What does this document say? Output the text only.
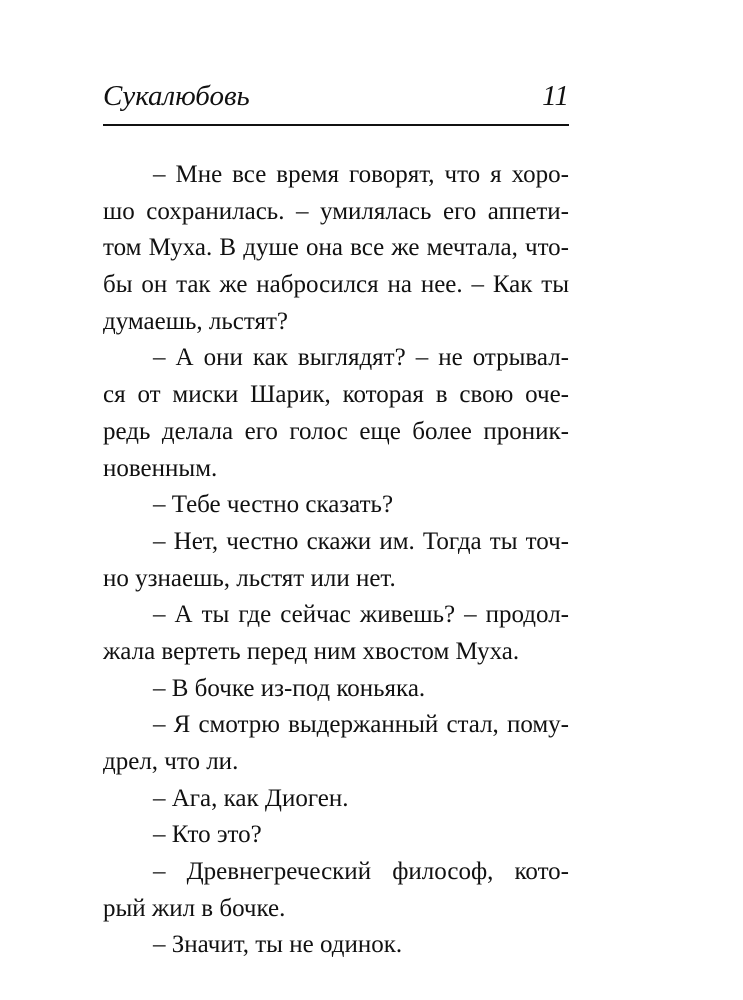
Сукалюбовь	11
– Мне все время говорят, что я хоро-
шо сохранилась. – умилялась его аппети-
том Муха. В душе она все же мечтала, что-
бы он так же набросился на нее. – Как ты
думаешь, льстят?
– А они как выглядят? – не отрывал-
ся от миски Шарик, которая в свою оче-
редь делала его голос еще более проник-
новенным.
– Тебе честно сказать?
– Нет, честно скажи им. Тогда ты точ-
но узнаешь, льстят или нет.
– А ты где сейчас живешь? – продол-
жала вертеть перед ним хвостом Муха.
– В бочке из-под коньяка.
– Я смотрю выдержанный стал, пому-
дрел, что ли.
– Ага, как Диоген.
– Кто это?
– Древнегреческий философ, кото-
рый жил в бочке.
– Значит, ты не одинок.
